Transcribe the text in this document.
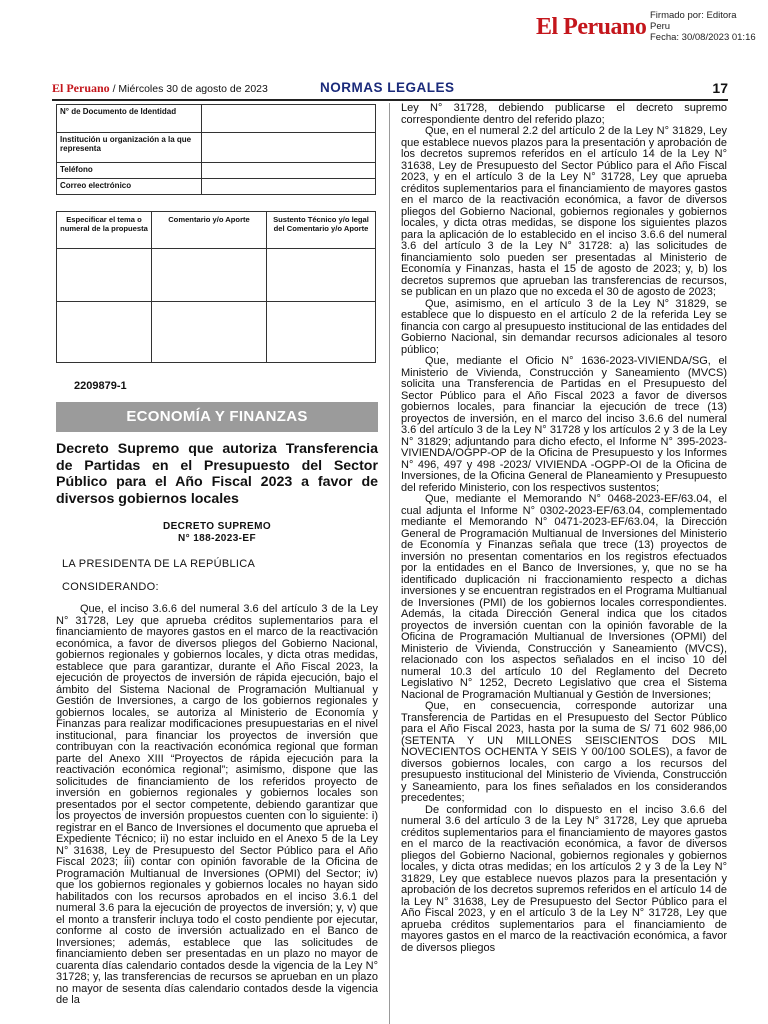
El Peruano Firmado por: Editora
Peru
Fecha: 30/08/2023 01:16
El Peruano / Miércoles 30 de agosto de 2023	NORMAS LEGALES	17
N° de Documento de Identidad	
Institución u organización a la que representa	
Teléfono	
Correo electrónico	
Especificar el tema o numeral de la propuesta	Comentario y/o Aporte	Sustento Técnico y/o legal del Comentario y/o Aporte

2209879-1
ECONOMÍA Y FINANZAS
Decreto Supremo que autoriza Transferencia de Partidas en el Presupuesto del Sector Público para el Año Fiscal 2023 a favor de diversos gobiernos locales
DECRETO SUPREMO
N° 188-2023-EF
LA PRESIDENTA DE LA REPÚBLICA
CONSIDERANDO:

Que, el inciso 3.6.6 del numeral 3.6 del artículo 3 de la Ley N° 31728, Ley que aprueba créditos suplementarios para el financiamiento de mayores gastos en el marco de la reactivación económica, a favor de diversos pliegos del Gobierno Nacional, gobiernos regionales y gobiernos locales, y dicta otras medidas, establece que para garantizar, durante el Año Fiscal 2023, la ejecución de proyectos de inversión de rápida ejecución, bajo el ámbito del Sistema Nacional de Programación Multianual y Gestión de Inversiones, a cargo de los gobiernos regionales y gobiernos locales, se autoriza al Ministerio de Economía y Finanzas para realizar modificaciones presupuestarias en el nivel institucional, para financiar los proyectos de inversión que contribuyan con la reactivación económica regional que forman parte del Anexo XIII “Proyectos de rápida ejecución para la reactivación económica regional”; asimismo, dispone que las solicitudes de financiamiento de los referidos proyecto de inversión en gobiernos regionales y gobiernos locales son presentados por el sector competente, debiendo garantizar que los proyectos de inversión propuestos cuenten con lo siguiente: i) registrar en el Banco de Inversiones el documento que aprueba el Expediente Técnico; ii) no estar incluido en el Anexo 5 de la Ley N° 31638, Ley de Presupuesto del Sector Público para el Año Fiscal 2023; iii) contar con opinión favorable de la Oficina de Programación Multianual de Inversiones (OPMI) del Sector; iv) que los gobiernos regionales y gobiernos locales no hayan sido habilitados con los recursos aprobados en el inciso 3.6.1 del numeral 3.6 para la ejecución de proyectos de inversión; y, v) que el monto a transferir incluya todo el costo pendiente por ejecutar, conforme al costo de inversión actualizado en el Banco de Inversiones; además, establece que las solicitudes de financiamiento deben ser presentadas en un plazo no mayor de cuarenta días calendario contados desde la vigencia de la Ley N° 31728; y, las transferencias de recursos se aprueban en un plazo no mayor de sesenta días calendario contados desde la vigencia de la

Ley N° 31728, debiendo publicarse el decreto supremo correspondiente dentro del referido plazo;

Que, en el numeral 2.2 del artículo 2 de la Ley N° 31829, Ley que establece nuevos plazos para la presentación y aprobación de los decretos supremos referidos en el artículo 14 de la Ley N° 31638, Ley de Presupuesto del Sector Público para el Año Fiscal 2023, y en el artículo 3 de la Ley N° 31728, Ley que aprueba créditos suplementarios para el financiamiento de mayores gastos en el marco de la reactivación económica, a favor de diversos pliegos del Gobierno Nacional, gobiernos regionales y gobiernos locales, y dicta otras medidas, se dispone los siguientes plazos para la aplicación de lo establecido en el inciso 3.6.6 del numeral 3.6 del artículo 3 de la Ley N° 31728: a) las solicitudes de financiamiento solo pueden ser presentadas al Ministerio de Economía y Finanzas, hasta el 15 de agosto de 2023; y, b) los decretos supremos que aprueban las transferencias de recursos, se publican en un plazo que no exceda el 30 de agosto de 2023;

Que, asimismo, en el artículo 3 de la Ley N° 31829, se establece que lo dispuesto en el artículo 2 de la referida Ley se financia con cargo al presupuesto institucional de las entidades del Gobierno Nacional, sin demandar recursos adicionales al tesoro público;

Que, mediante el Oficio N° 1636-2023-VIVIENDA/SG, el Ministerio de Vivienda, Construcción y Saneamiento (MVCS) solicita una Transferencia de Partidas en el Presupuesto del Sector Público para el Año Fiscal 2023 a favor de diversos gobiernos locales, para financiar la ejecución de trece (13) proyectos de inversión, en el marco del inciso 3.6.6 del numeral 3.6 del artículo 3 de la Ley N° 31728 y los artículos 2 y 3 de la Ley N° 31829; adjuntando para dicho efecto, el Informe N° 395-2023-VIVIENDA/OGPP-OP de la Oficina de Presupuesto y los Informes N° 496, 497 y 498 -2023/ VIVIENDA -OGPP-OI de la Oficina de Inversiones, de la Oficina General de Planeamiento y Presupuesto del referido Ministerio, con los respectivos sustentos;

Que, mediante el Memorando N° 0468-2023-EF/63.04, el cual adjunta el Informe N° 0302-2023-EF/63.04, complementado mediante el Memorando N° 0471-2023-EF/63.04, la Dirección General de Programación Multianual de Inversiones del Ministerio de Economía y Finanzas señala que trece (13) proyectos de inversión no presentan comentarios en los registros efectuados por la entidades en el Banco de Inversiones, y, que no se ha identificado duplicación ni fraccionamiento respecto a dichas inversiones y se encuentran registrados en el Programa Multianual de Inversiones (PMI) de los gobiernos locales correspondientes. Además, la citada Dirección General indica que los citados proyectos de inversión cuentan con la opinión favorable de la Oficina de Programación Multianual de Inversiones (OPMI) del Ministerio de Vivienda, Construcción y Saneamiento (MVCS), relacionado con los aspectos señalados en el inciso 10 del numeral 10.3 del artículo 10 del Reglamento del Decreto Legislativo N° 1252, Decreto Legislativo que crea el Sistema Nacional de Programación Multianual y Gestión de Inversiones;

Que, en consecuencia, corresponde autorizar una Transferencia de Partidas en el Presupuesto del Sector Público para el Año Fiscal 2023, hasta por la suma de S/ 71 602 986,00 (SETENTA Y UN MILLONES SEISCIENTOS DOS MIL NOVECIENTOS OCHENTA Y SEIS Y 00/100 SOLES), a favor de diversos gobiernos locales, con cargo a los recursos del presupuesto institucional del Ministerio de Vivienda, Construcción y Saneamiento, para los fines señalados en los considerandos precedentes;

De conformidad con lo dispuesto en el inciso 3.6.6 del numeral 3.6 del artículo 3 de la Ley N° 31728, Ley que aprueba créditos suplementarios para el financiamiento de mayores gastos en el marco de la reactivación económica, a favor de diversos pliegos del Gobierno Nacional, gobiernos regionales y gobiernos locales, y dicta otras medidas; en los artículos 2 y 3 de la Ley N° 31829, Ley que establece nuevos plazos para la presentación y aprobación de los decretos supremos referidos en el artículo 14 de la Ley N° 31638, Ley de Presupuesto del Sector Público para el Año Fiscal 2023, y en el artículo 3 de la Ley N° 31728, Ley que aprueba créditos suplementarios para el financiamiento de mayores gastos en el marco de la reactivación económica, a favor de diversos pliegos
